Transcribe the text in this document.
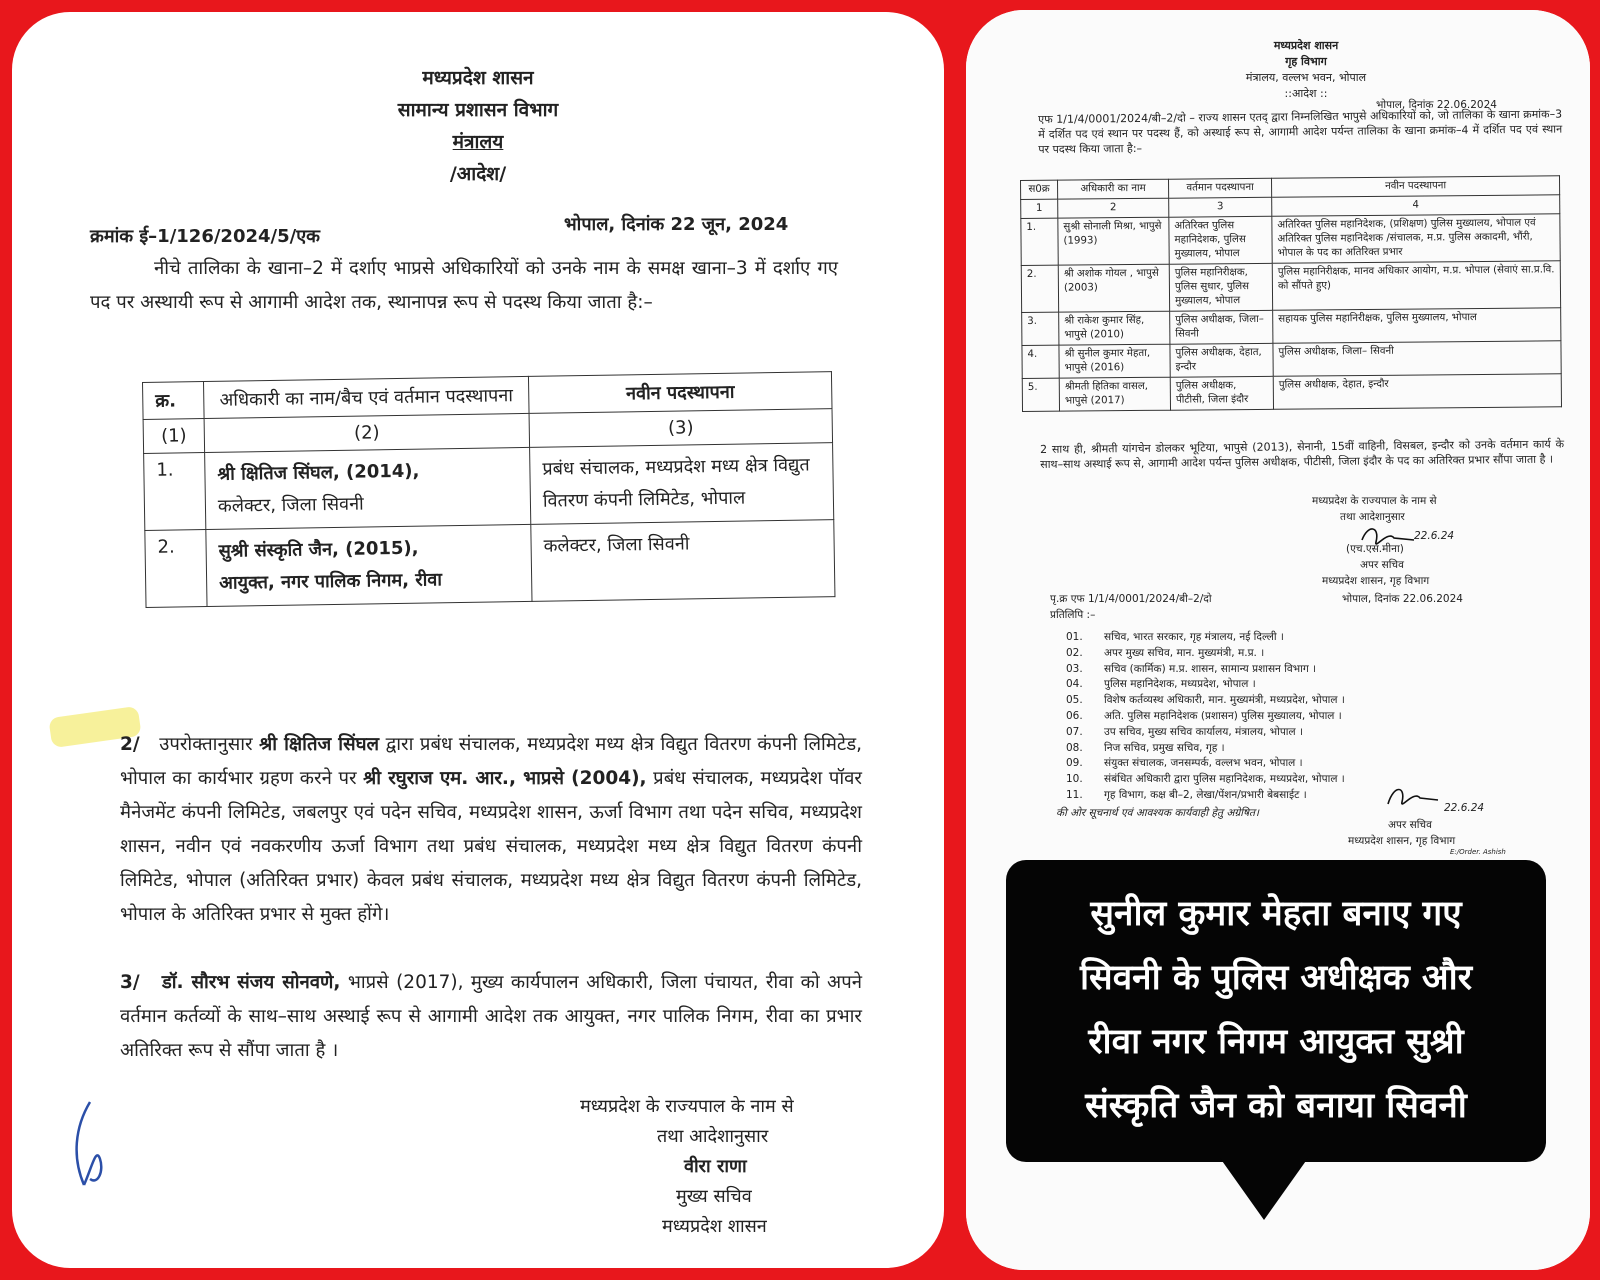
मध्यप्रदेश शासन
सामान्य प्रशासन विभाग
मंत्रालय
/आदेश/
क्रमांक ई–1/126/2024/5/एक
भोपाल, दिनांक 22 जून, 2024
नीचे तालिका के खाना–2 में दर्शाए भाप्रसे अधिकारियों को उनके नाम के समक्ष खाना–3 में दर्शाए गए पद पर अस्थायी रूप से आगामी आदेश तक, स्थानापन्न रूप से पदस्थ किया जाता है:–
क्र.	अधिकारी का नाम/बैच एवं वर्तमान पदस्थापना	नवीन पदस्थापना
(1)	(2)	(3)
1.	श्री क्षितिज सिंघल, (2014),
कलेक्टर, जिला सिवनी	प्रबंध संचालक, मध्यप्रदेश मध्य क्षेत्र विद्युत वितरण कंपनी लिमिटेड, भोपाल
2.	सुश्री संस्कृति जैन, (2015),
आयुक्त, नगर पालिक निगम, रीवा	कलेक्टर, जिला सिवनी
2/ उपरोक्तानुसार श्री क्षितिज सिंघल द्वारा प्रबंध संचालक, मध्यप्रदेश मध्य क्षेत्र विद्युत वितरण कंपनी लिमिटेड, भोपाल का कार्यभार ग्रहण करने पर श्री रघुराज एम. आर., भाप्रसे (2004), प्रबंध संचालक, मध्यप्रदेश पॉवर मैनेजमेंट कंपनी लिमिटेड, जबलपुर एवं पदेन सचिव, मध्यप्रदेश शासन, ऊर्जा विभाग तथा पदेन सचिव, मध्यप्रदेश शासन, नवीन एवं नवकरणीय ऊर्जा विभाग तथा प्रबंध संचालक, मध्यप्रदेश मध्य क्षेत्र विद्युत वितरण कंपनी लिमिटेड, भोपाल (अतिरिक्त प्रभार) केवल प्रबंध संचालक, मध्यप्रदेश मध्य क्षेत्र विद्युत वितरण कंपनी लिमिटेड, भोपाल के अतिरिक्त प्रभार से मुक्त होंगे।
3/ डॉ. सौरभ संजय सोनवणे, भाप्रसे (2017), मुख्य कार्यपालन अधिकारी, जिला पंचायत, रीवा को अपने वर्तमान कर्तव्यों के साथ–साथ अस्थाई रूप से आगामी आदेश तक आयुक्त, नगर पालिक निगम, रीवा का प्रभार अतिरिक्त रूप से सौंपा जाता है ।
मध्यप्रदेश के राज्यपाल के नाम से
तथा आदेशानुसार
वीरा राणा
मुख्य सचिव
मध्यप्रदेश शासन
मध्यप्रदेश शासन
गृह विभाग
मंत्रालय, वल्लभ भवन, भोपाल
::आदेश ::
भोपाल, दिनांक 22.06.2024
एफ 1/1/4/0001/2024/बी–2/दो – राज्य शासन एतद् द्वारा निम्नलिखित भापुसे अधिकारियों को, जो तालिका के खाना क्रमांक–3 में दर्शित पद एवं स्थान पर पदस्थ हैं, को अस्थाई रूप से, आगामी आदेश पर्यन्त तालिका के खाना क्रमांक–4 में दर्शित पद एवं स्थान पर पदस्थ किया जाता है:–
स0क्र	अधिकारी का नाम	वर्तमान पदस्थापना	नवीन पदस्थापना
1	2	3	4
1.	सुश्री सोनाली मिश्रा, भापुसे (1993)	अतिरिक्त पुलिस महानिदेशक, पुलिस मुख्यालय, भोपाल	अतिरिक्त पुलिस महानिदेशक, (प्रशिक्षण) पुलिस मुख्यालय, भोपाल एवं अतिरिक्त पुलिस महानिदेशक /संचालक, म.प्र. पुलिस अकादमी, भौंरी, भोपाल के पद का अतिरिक्त प्रभार
2.	श्री अशोक गोयल , भापुसे (2003)	पुलिस महानिरीक्षक, पुलिस सुधार, पुलिस मुख्यालय, भोपाल	पुलिस महानिरीक्षक, मानव अधिकार आयोग, म.प्र. भोपाल (सेवाएं सा.प्र.वि. को सौंपते हुए)
3.	श्री राकेश कुमार सिंह, भापुसे (2010)	पुलिस अधीक्षक, जिला– सिवनी	सहायक पुलिस महानिरीक्षक, पुलिस मुख्यालय, भोपाल
4.	श्री सुनील कुमार मेहता, भापुसे (2016)	पुलिस अधीक्षक, देहात, इन्दौर	पुलिस अधीक्षक, जिला– सिवनी
5.	श्रीमती हितिका वासल, भापुसे (2017)	पुलिस अधीक्षक, पीटीसी, जिला इंदौर	पुलिस अधीक्षक, देहात, इन्दौर
2 साथ ही, श्रीमती यांगचेन डोलकर भूटिया, भापुसे (2013), सेनानी, 15वीं वाहिनी, विसबल, इन्दौर को उनके वर्तमान कार्य के साथ–साथ अस्थाई रूप से, आगामी आदेश पर्यन्त पुलिस अधीक्षक, पीटीसी, जिला इंदौर के पद का अतिरिक्त प्रभार सौंपा जाता है ।
मध्यप्रदेश के राज्यपाल के नाम से
तथा आदेशानुसार
22.6.24
(एच.एस.मीना)
अपर सचिव
मध्यप्रदेश शासन, गृह विभाग
पृ.क्र एफ 1/1/4/0001/2024/बी–2/दो	भोपाल, दिनांक 22.06.2024
प्रतिलिपि :–
01. सचिव, भारत सरकार, गृह मंत्रालय, नई दिल्ली ।
02. अपर मुख्य सचिव, मान. मुख्यमंत्री, म.प्र. ।
03. सचिव (कार्मिक) म.प्र. शासन, सामान्य प्रशासन विभाग ।
04. पुलिस महानिदेशक, मध्यप्रदेश, भोपाल ।
05. विशेष कर्तव्यस्थ अधिकारी, मान. मुख्यमंत्री, मध्यप्रदेश, भोपाल ।
06. अति. पुलिस महानिदेशक (प्रशासन) पुलिस मुख्यालय, भोपाल ।
07. उप सचिव, मुख्य सचिव कार्यालय, मंत्रालय, भोपाल ।
08. निज सचिव, प्रमुख सचिव, गृह ।
09. संयुक्त संचालक, जनसम्पर्क, वल्लभ भवन, भोपाल ।
10. संबंधित अधिकारी द्वारा पुलिस महानिदेशक, मध्यप्रदेश, भोपाल ।
11. गृह विभाग, कक्ष बी–2, लेखा/पेंशन/प्रभारी बेबसाईट ।
की ओर सूचनार्थ एवं आवश्यक कार्यवाही हेतु अग्रेषित।	22.6.24
अपर सचिव
मध्यप्रदेश शासन, गृह विभाग
E:/Order. Ashish
सुनील कुमार मेहता बनाए गए
सिवनी के पुलिस अधीक्षक और
रीवा नगर निगम आयुक्त सुश्री
संस्कृति जैन को बनाया सिवनी
